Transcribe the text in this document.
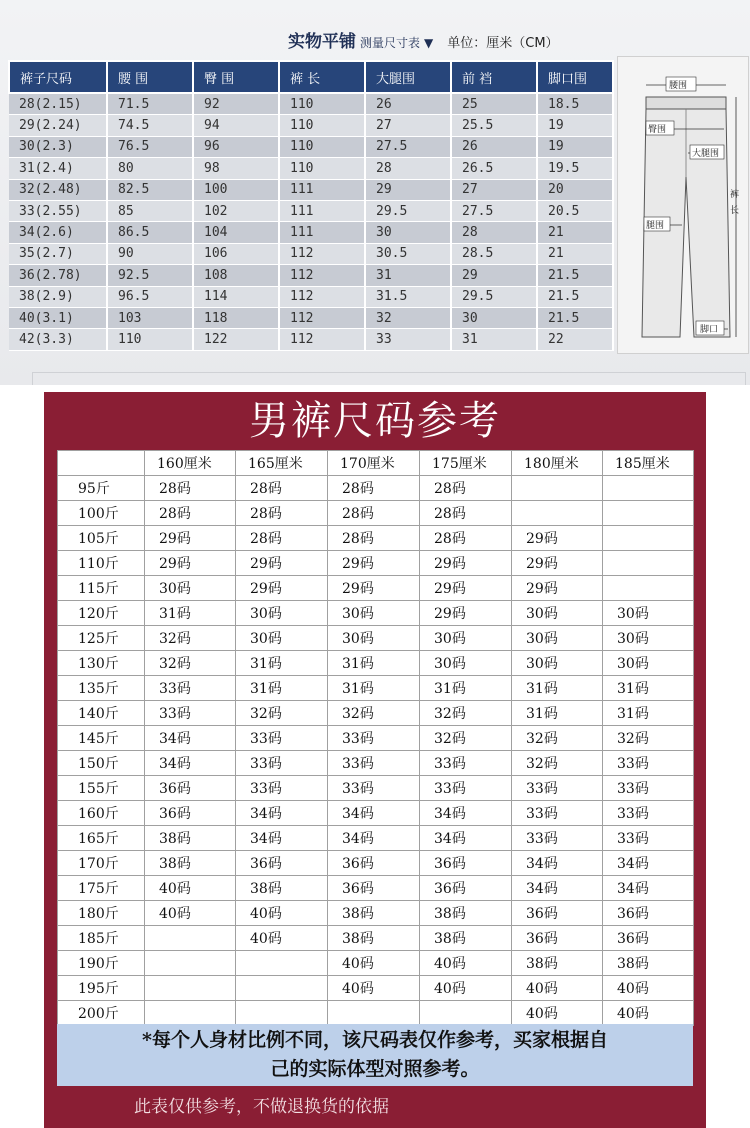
实物平铺 测量尺寸表 ▼ 单位：厘米（CM）
裤子尺码	腰 围	臀 围	裤 长	大腿围	前 裆	脚口围
28(2.15)	71.5	92	110	26	25	18.5
29(2.24)	74.5	94	110	27	25.5	19
30(2.3)	76.5	96	110	27.5	26	19
31(2.4)	80	98	110	28	26.5	19.5
32(2.48)	82.5	100	111	29	27	20
33(2.55)	85	102	111	29.5	27.5	20.5
34(2.6)	86.5	104	111	30	28	21
35(2.7)	90	106	112	30.5	28.5	21
36(2.78)	92.5	108	112	31	29	21.5
38(2.9)	96.5	114	112	31.5	29.5	21.5
40(3.1)	103	118	112	32	30	21.5
42(3.3)	110	122	112	33	31	22
腰围
臀围
大腿围
裤 长
腿围
脚口
男裤尺码参考
	160厘米	165厘米	170厘米	175厘米	180厘米	185厘米
95斤	28码	28码	28码	28码		
100斤	28码	28码	28码	28码		
105斤	29码	28码	28码	28码	29码	
110斤	29码	29码	29码	29码	29码	
115斤	30码	29码	29码	29码	29码	
120斤	31码	30码	30码	29码	30码	30码
125斤	32码	30码	30码	30码	30码	30码
130斤	32码	31码	31码	30码	30码	30码
135斤	33码	31码	31码	31码	31码	31码
140斤	33码	32码	32码	32码	31码	31码
145斤	34码	33码	33码	32码	32码	32码
150斤	34码	33码	33码	33码	32码	33码
155斤	36码	33码	33码	33码	33码	33码
160斤	36码	34码	34码	34码	33码	33码
165斤	38码	34码	34码	34码	33码	33码
170斤	38码	36码	36码	36码	34码	34码
175斤	40码	38码	36码	36码	34码	34码
180斤	40码	40码	38码	38码	36码	36码
185斤		40码	38码	38码	36码	36码
190斤			40码	40码	38码	38码
195斤			40码	40码	40码	40码
200斤					40码	40码
*每个人身材比例不同，该尺码表仅作参考，买家根据自
己的实际体型对照参考。
此表仅供参考，不做退换货的依据
